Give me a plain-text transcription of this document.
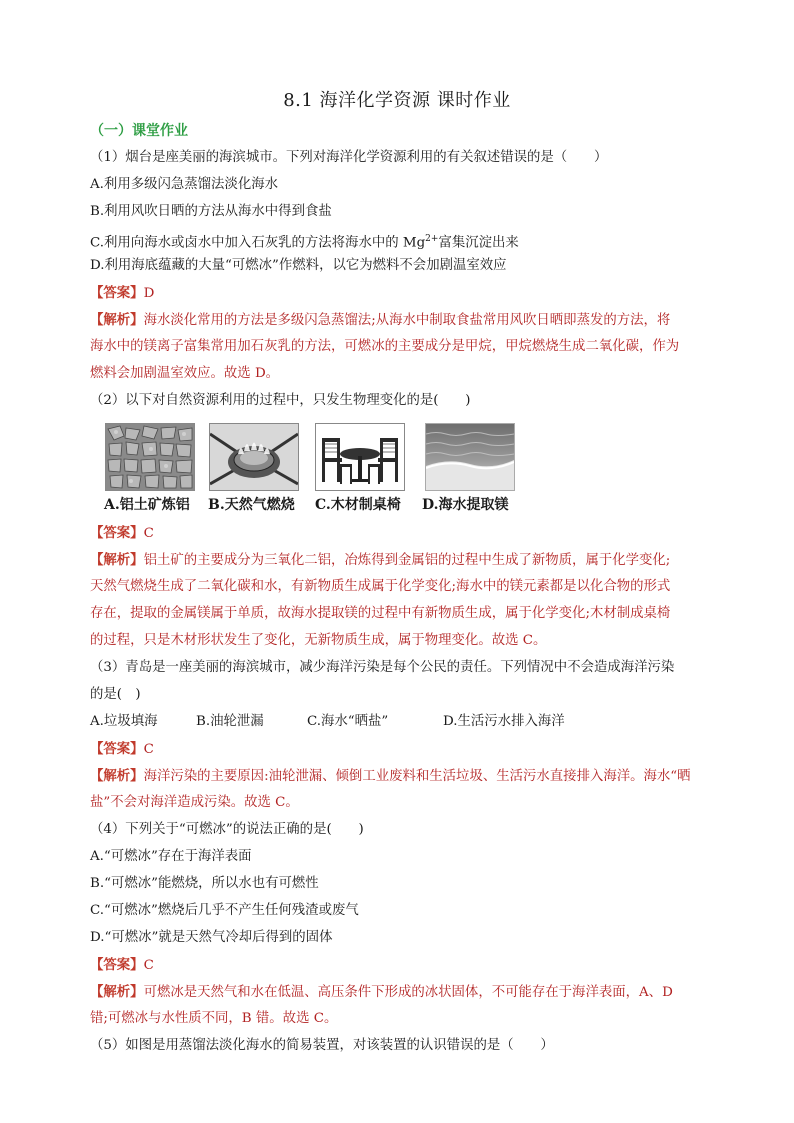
8.1 海洋化学资源 课时作业
（一）课堂作业
（1）烟台是座美丽的海滨城市。下列对海洋化学资源利用的有关叙述错误的是（　　）
A.利用多级闪急蒸馏法淡化海水
B.利用风吹日晒的方法从海水中得到食盐
C.利用向海水或卤水中加入石灰乳的方法将海水中的 $Mg^{2+}$富集沉淀出来
D.利用海底蕴藏的大量“可燃冰”作燃料，以它为燃料不会加剧温室效应
【答案】D
【解析】海水淡化常用的方法是多级闪急蒸馏法;从海水中制取食盐常用风吹日晒即蒸发的方法，将
海水中的镁离子富集常用加石灰乳的方法，可燃冰的主要成分是甲烷，甲烷燃烧生成二氧化碳，作为
燃料会加剧温室效应。故选 D。
（2）以下对自然资源利用的过程中，只发生物理变化的是(　　)
A.铝土矿炼铝 B.天然气燃烧 C.木材制桌椅 D.海水提取镁
【答案】C
【解析】铝土矿的主要成分为三氧化二铝，冶炼得到金属铝的过程中生成了新物质，属于化学变化;
天然气燃烧生成了二氧化碳和水，有新物质生成属于化学变化;海水中的镁元素都是以化合物的形式
存在，提取的金属镁属于单质，故海水提取镁的过程中有新物质生成，属于化学变化;木材制成桌椅
的过程，只是木材形状发生了变化，无新物质生成，属于物理变化。故选 C。
（3）青岛是一座美丽的海滨城市，减少海洋污染是每个公民的责任。下列情况中不会造成海洋污染
的是(　)
A.垃圾填海	B.油轮泄漏	C.海水“晒盐”	D.生活污水排入海洋
【答案】C
【解析】海洋污染的主要原因:油轮泄漏、倾倒工业废料和生活垃圾、生活污水直接排入海洋。海水“晒
盐”不会对海洋造成污染。故选 C。
（4）下列关于“可燃冰”的说法正确的是(　　)
A.“可燃冰”存在于海洋表面
B.“可燃冰”能燃烧，所以水也有可燃性
C.“可燃冰”燃烧后几乎不产生任何残渣或废气
D.“可燃冰”就是天然气冷却后得到的固体
【答案】C
【解析】可燃冰是天然气和水在低温、高压条件下形成的冰状固体，不可能存在于海洋表面，A、D
错;可燃冰与水性质不同，B 错。故选 C。
（5）如图是用蒸馏法淡化海水的简易装置，对该装置的认识错误的是（　　）
